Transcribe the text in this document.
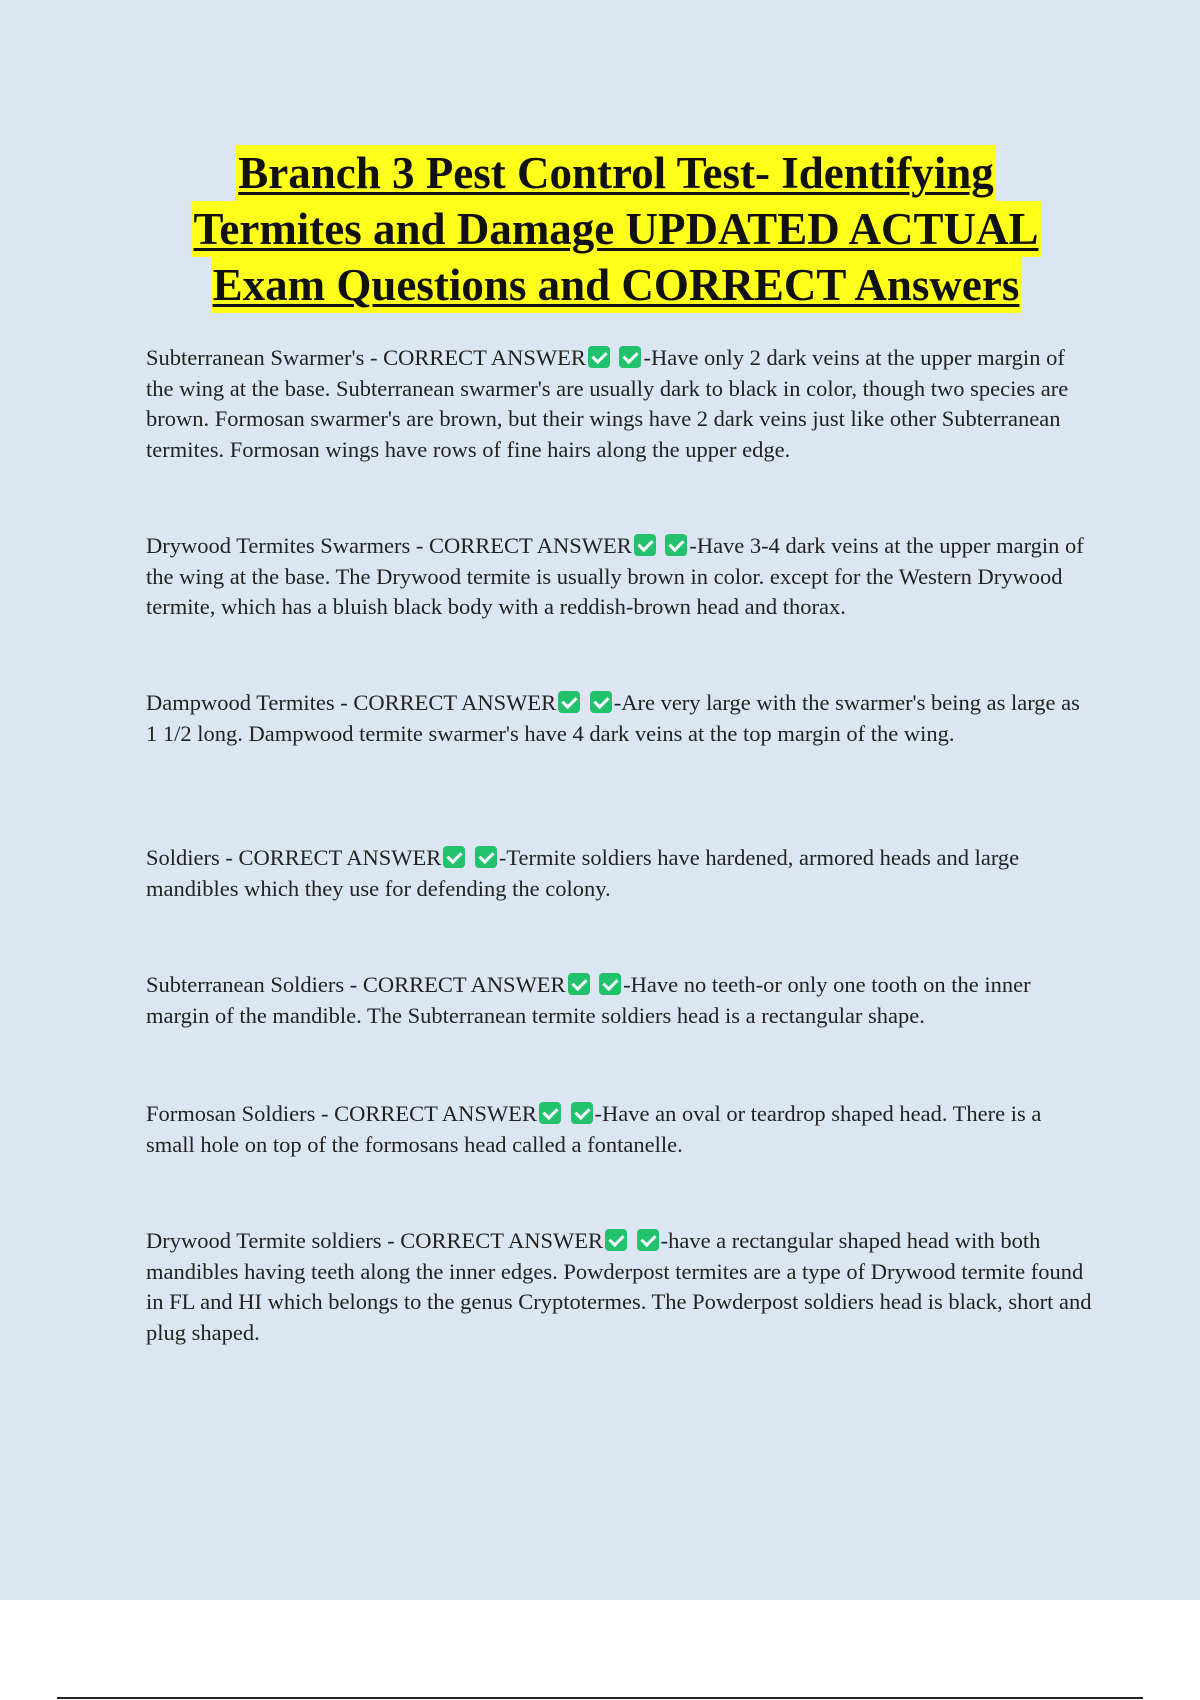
Branch 3 Pest Control Test- Identifying
Termites and Damage UPDATED ACTUAL
Exam Questions and CORRECT Answers

Subterranean Swarmer's - CORRECT ANSWER	-Have only 2 dark veins at the upper margin of the wing at the base. Subterranean swarmer's are usually dark to black in color, though two species are brown. Formosan swarmer's are brown, but their wings have 2 dark veins just like other Subterranean termites. Formosan wings have rows of fine hairs along the upper edge.

Drywood Termites Swarmers - CORRECT ANSWER	-Have 3-4 dark veins at the upper margin of the wing at the base. The Drywood termite is usually brown in color. except for the Western Drywood termite, which has a bluish black body with a reddish-brown head and thorax.

Dampwood Termites - CORRECT ANSWER	-Are very large with the swarmer's being as large as 1 1/2 long. Dampwood termite swarmer's have 4 dark veins at the top margin of the wing.

Soldiers - CORRECT ANSWER	-Termite soldiers have hardened, armored heads and large mandibles which they use for defending the colony.

Subterranean Soldiers - CORRECT ANSWER	-Have no teeth-or only one tooth on the inner margin of the mandible. The Subterranean termite soldiers head is a rectangular shape.

Formosan Soldiers - CORRECT ANSWER	-Have an oval or teardrop shaped head. There is a small hole on top of the formosans head called a fontanelle.

Drywood Termite soldiers - CORRECT ANSWER	-have a rectangular shaped head with both mandibles having teeth along the inner edges. Powderpost termites are a type of Drywood termite found in FL and HI which belongs to the genus Cryptotermes. The Powderpost soldiers head is black, short and plug shaped.
